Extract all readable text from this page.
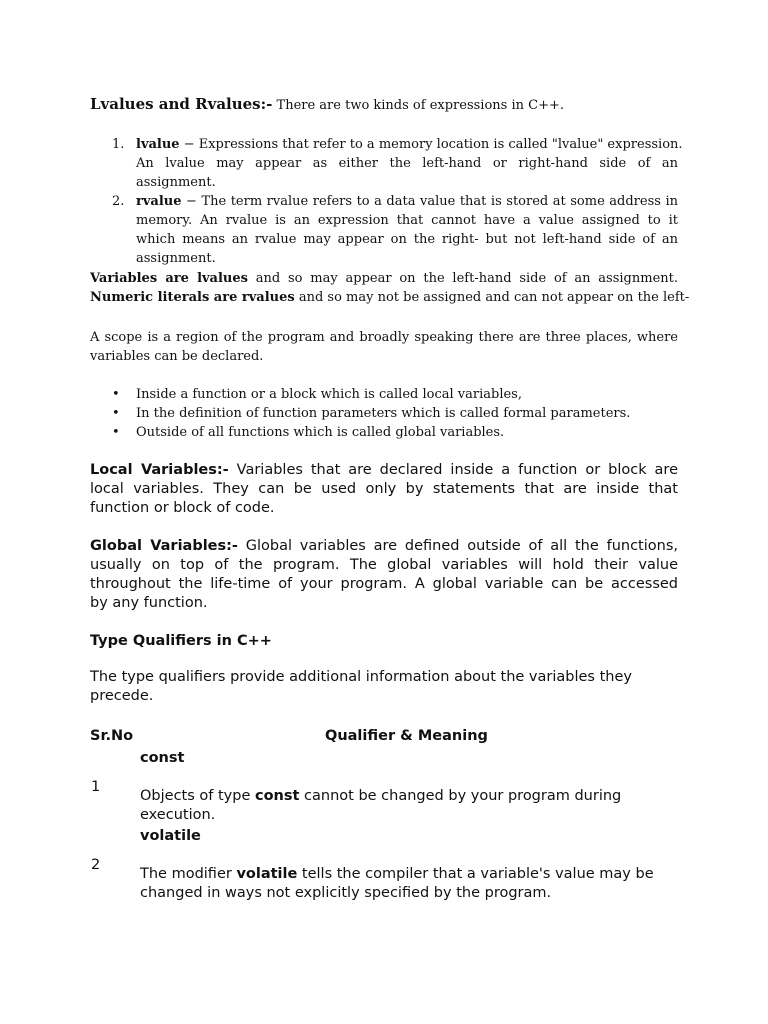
Lvalues and Rvalues:- There are two kinds of expressions in C++.

1. lvalue − Expressions that refer to a memory location is called "lvalue" expression.
An lvalue may appear as either the left-hand or right-hand side of an
assignment.
2. rvalue − The term rvalue refers to a data value that is stored at some address in
memory. An rvalue is an expression that cannot have a value assigned to it
which means an rvalue may appear on the right- but not left-hand side of an
assignment.
Variables are lvalues and so may appear on the left-hand side of an assignment.
Numeric literals are rvalues and so may not be assigned and can not appear on the left-
A scope is a region of the program and broadly speaking there are three places, where
variables can be declared.
• Inside a function or a block which is called local variables,
• In the definition of function parameters which is called formal parameters.
• Outside of all functions which is called global variables.
Local Variables:- Variables that are declared inside a function or block are
local variables. They can be used only by statements that are inside that
function or block of code.
Global Variables:- Global variables are defined outside of all the functions,
usually on top of the program. The global variables will hold their value
throughout the life-time of your program. A global variable can be accessed
by any function.
Type Qualifiers in C++
The type qualifiers provide additional information about the variables they
precede.
Sr.No	Qualifier & Meaning
const
1
Objects of type const cannot be changed by your program during
execution.
volatile
2
The modifier volatile tells the compiler that a variable's value may be
changed in ways not explicitly specified by the program.
